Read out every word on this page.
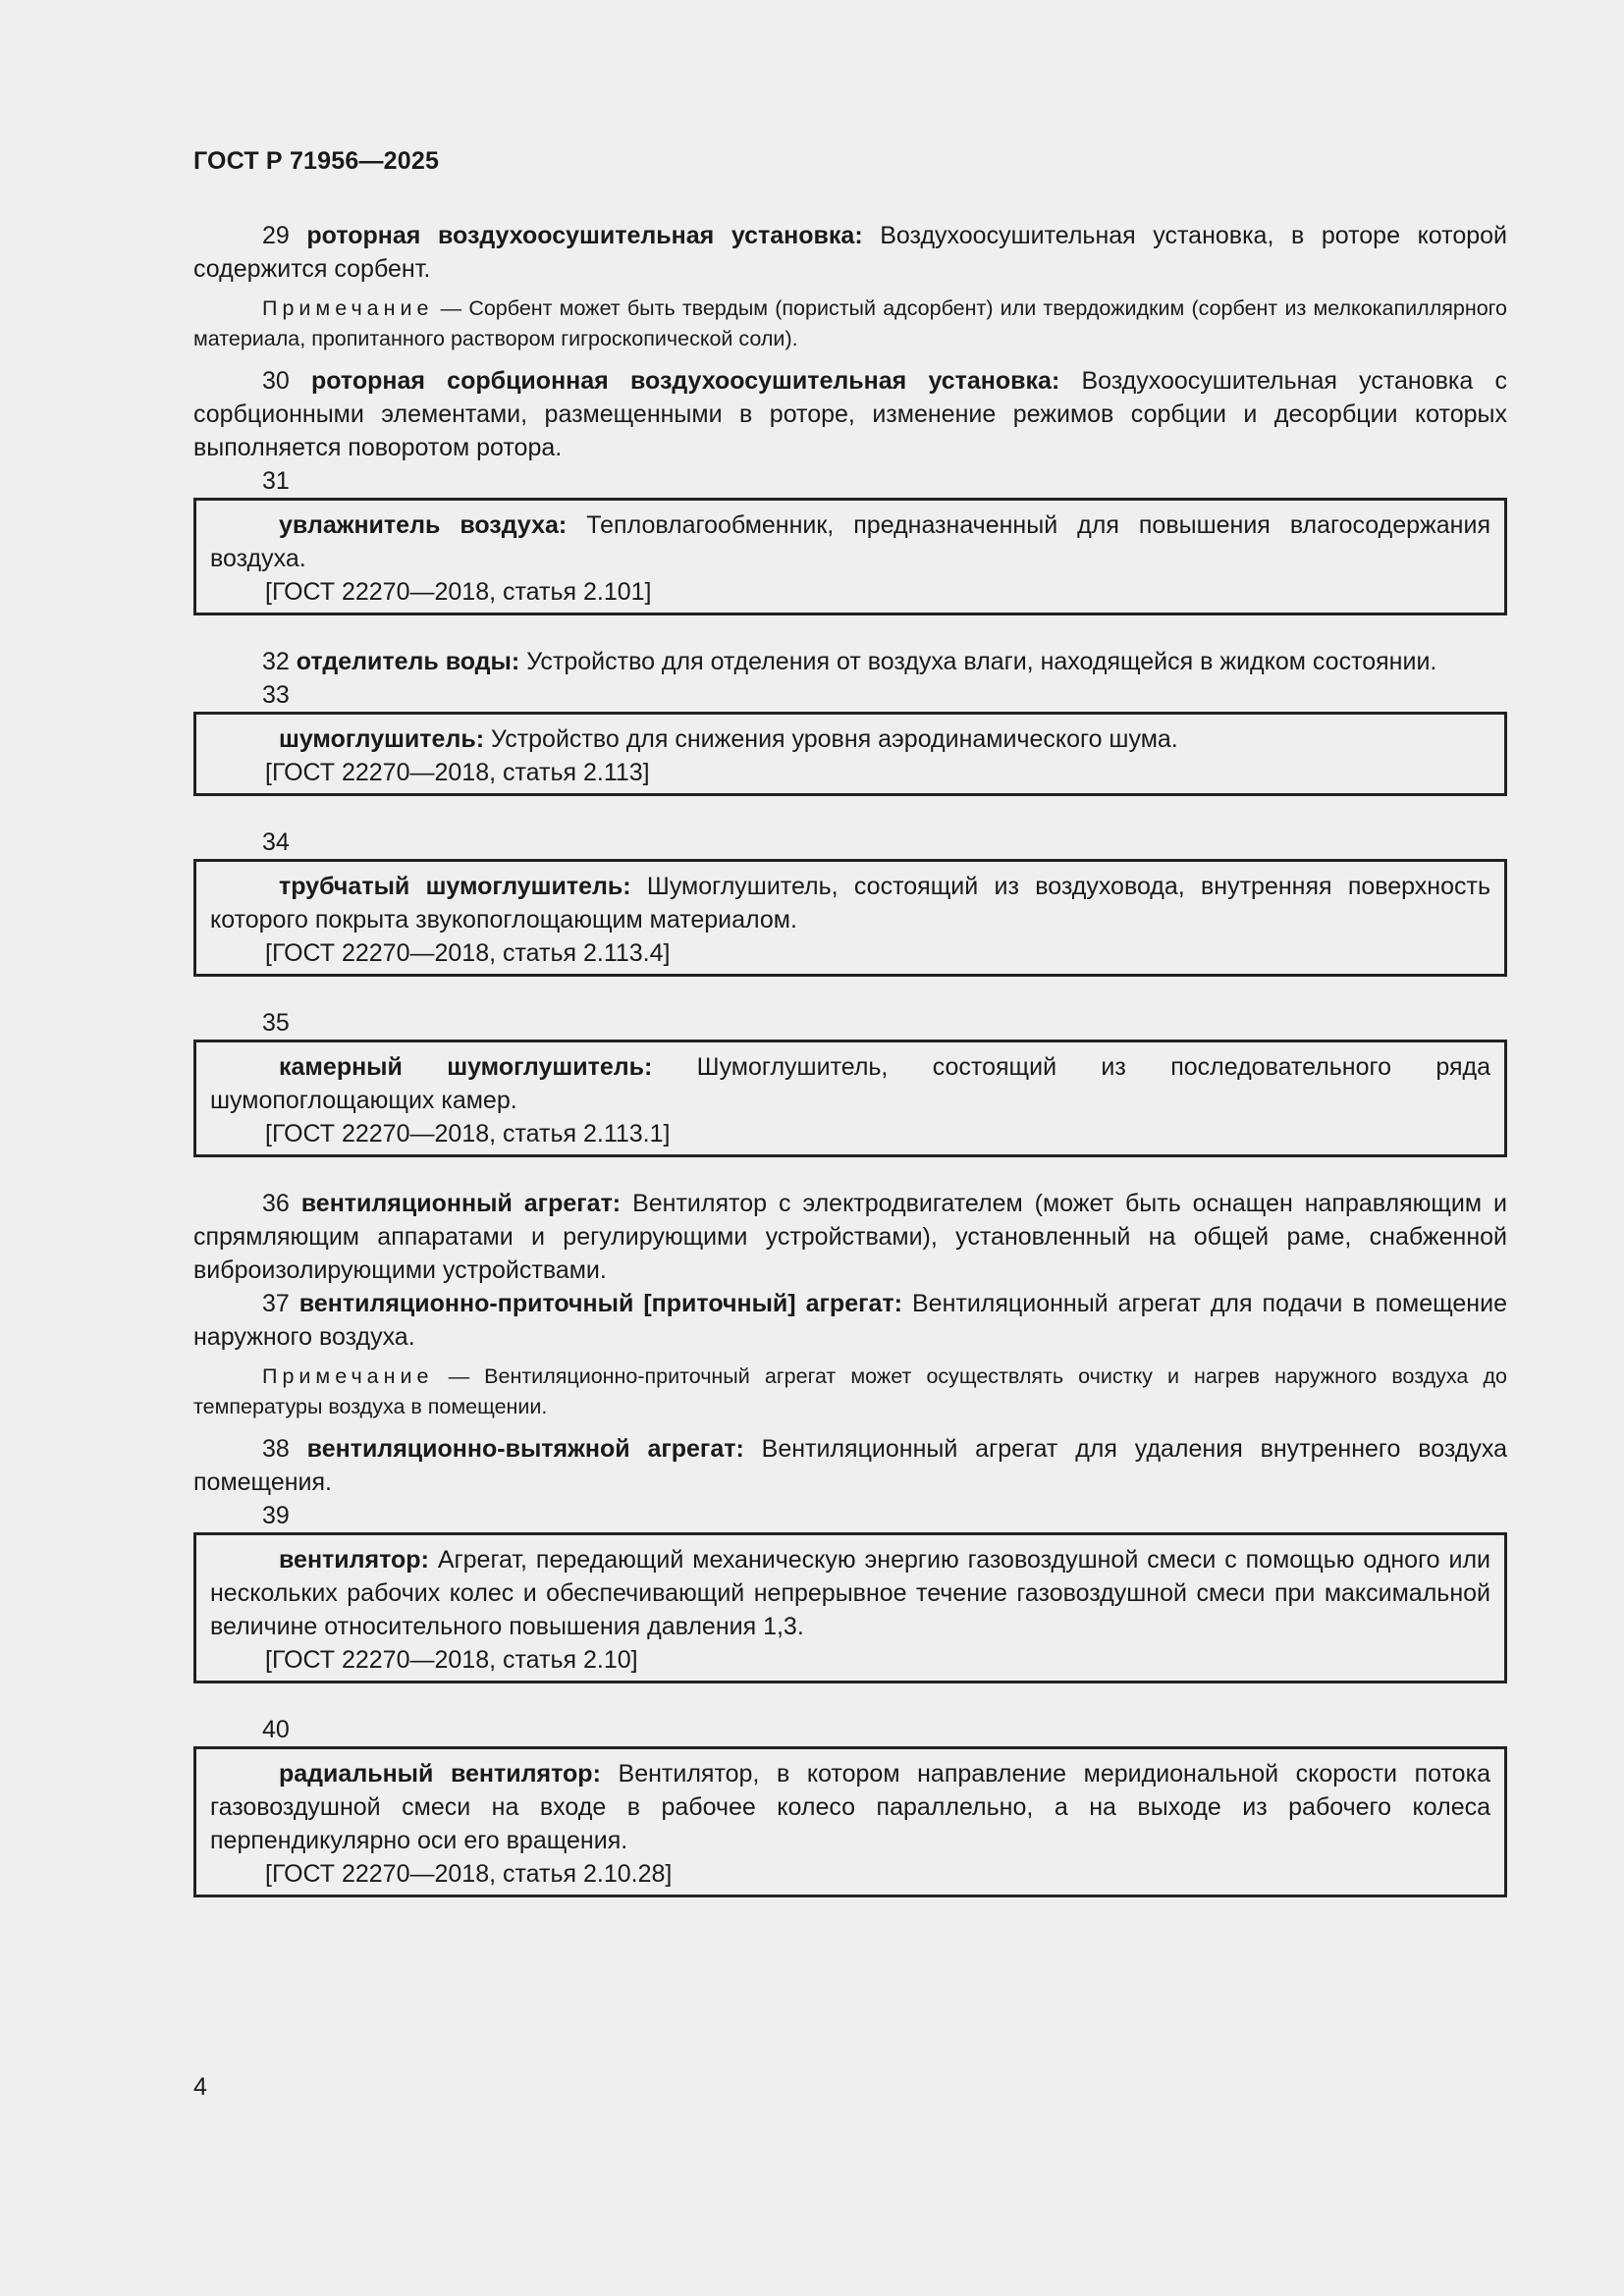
ГОСТ Р 71956—2025

29 роторная воздухоосушительная установка: Воздухоосушительная установка, в роторе которой содержится сорбент.

Примечание — Сорбент может быть твердым (пористый адсорбент) или твердожидким (сорбент из мелкокапиллярного материала, пропитанного раствором гигроскопической соли).

30 роторная сорбционная воздухоосушительная установка: Воздухоосушительная установка с сорбционными элементами, размещенными в роторе, изменение режимов сорбции и десорбции которых выполняется поворотом ротора.

31

увлажнитель воздуха: Тепловлагообменник, предназначенный для повышения влагосодержания воздуха.

[ГОСТ 22270—2018, статья 2.101]

32 отделитель воды: Устройство для отделения от воздуха влаги, находящейся в жидком состоянии.

33

шумоглушитель: Устройство для снижения уровня аэродинамического шума.

[ГОСТ 22270—2018, статья 2.113]

34

трубчатый шумоглушитель: Шумоглушитель, состоящий из воздуховода, внутренняя поверхность которого покрыта звукопоглощающим материалом.

[ГОСТ 22270—2018, статья 2.113.4]

35

камерный шумоглушитель: Шумоглушитель, состоящий из последовательного ряда шумопоглощающих камер.

[ГОСТ 22270—2018, статья 2.113.1]

36 вентиляционный агрегат: Вентилятор с электродвигателем (может быть оснащен направляющим и спрямляющим аппаратами и регулирующими устройствами), установленный на общей раме, снабженной виброизолирующими устройствами.

37 вентиляционно-приточный [приточный] агрегат: Вентиляционный агрегат для подачи в помещение наружного воздуха.

Примечание — Вентиляционно-приточный агрегат может осуществлять очистку и нагрев наружного воздуха до температуры воздуха в помещении.

38 вентиляционно-вытяжной агрегат: Вентиляционный агрегат для удаления внутреннего воздуха помещения.

39

вентилятор: Агрегат, передающий механическую энергию газовоздушной смеси с помощью одного или нескольких рабочих колес и обеспечивающий непрерывное течение газовоздушной смеси при максимальной величине относительного повышения давления 1,3.

[ГОСТ 22270—2018, статья 2.10]

40

радиальный вентилятор: Вентилятор, в котором направление меридиональной скорости потока газовоздушной смеси на входе в рабочее колесо параллельно, а на выходе из рабочего колеса перпендикулярно оси его вращения.

[ГОСТ 22270—2018, статья 2.10.28]

4
